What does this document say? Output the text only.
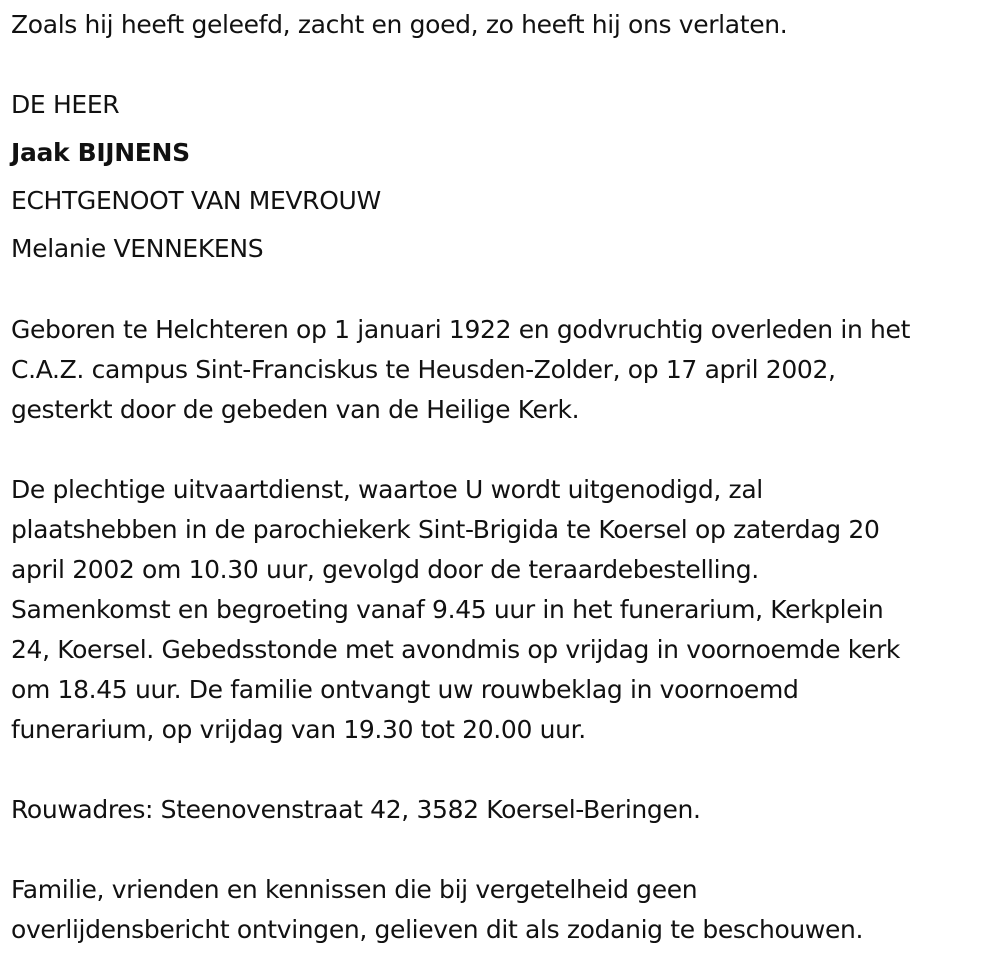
Zoals hij heeft geleefd, zacht en goed, zo heeft hij ons verlaten.
DE HEER
Jaak BIJNENS
ECHTGENOOT VAN MEVROUW
Melanie VENNEKENS
Geboren te Helchteren op 1 januari 1922 en godvruchtig overleden in het
C.A.Z. campus Sint-Franciskus te Heusden-Zolder, op 17 april 2002,
gesterkt door de gebeden van de Heilige Kerk.
De plechtige uitvaartdienst, waartoe U wordt uitgenodigd, zal
plaatshebben in de parochiekerk Sint-Brigida te Koersel op zaterdag 20
april 2002 om 10.30 uur, gevolgd door de teraardebestelling.
Samenkomst en begroeting vanaf 9.45 uur in het funerarium, Kerkplein
24, Koersel. Gebedsstonde met avondmis op vrijdag in voornoemde kerk
om 18.45 uur. De familie ontvangt uw rouwbeklag in voornoemd
funerarium, op vrijdag van 19.30 tot 20.00 uur.
Rouwadres: Steenovenstraat 42, 3582 Koersel-Beringen.
Familie, vrienden en kennissen die bij vergetelheid geen
overlijdensbericht ontvingen, gelieven dit als zodanig te beschouwen.
